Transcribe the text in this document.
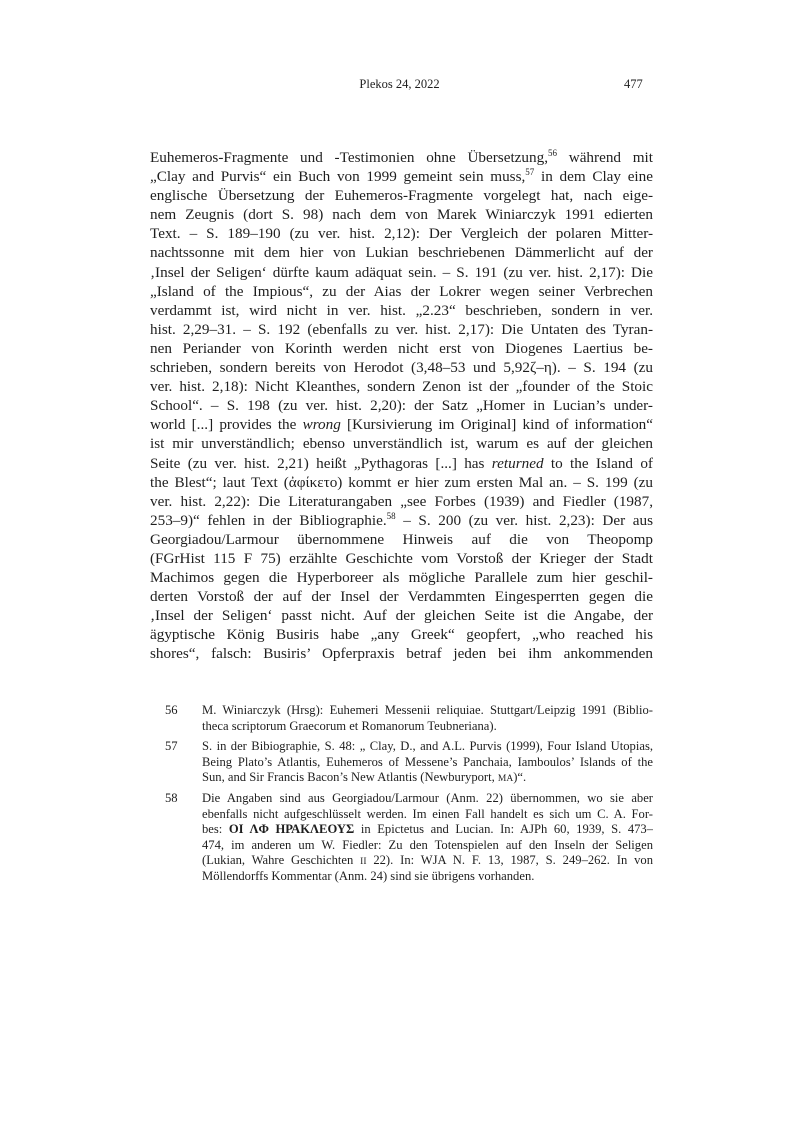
Plekos 24, 2022	477
Euhemeros-Fragmente und -Testimonien ohne Übersetzung,$^{56}$ während mit
„Clay and Purvis“ ein Buch von 1999 gemeint sein muss,$^{57}$ in dem Clay eine
englische Übersetzung der Euhemeros-Fragmente vorgelegt hat, nach eige-
nem Zeugnis (dort S. 98) nach dem von Marek Winiarczyk 1991 edierten
Text. – S. 189–190 (zu ver. hist. 2,12): Der Vergleich der polaren Mitter-
nachtssonne mit dem hier von Lukian beschriebenen Dämmerlicht auf der
‚Insel der Seligen‘ dürfte kaum adäquat sein. – S. 191 (zu ver. hist. 2,17): Die
„Island of the Impious“, zu der Aias der Lokrer wegen seiner Verbrechen
verdammt ist, wird nicht in ver. hist. „2.23“ beschrieben, sondern in ver.
hist. 2,29–31. – S. 192 (ebenfalls zu ver. hist. 2,17): Die Untaten des Tyran-
nen Periander von Korinth werden nicht erst von Diogenes Laertius be-
schrieben, sondern bereits von Herodot (3,48–53 und 5,92ζ–η). – S. 194 (zu
ver. hist. 2,18): Nicht Kleanthes, sondern Zenon ist der „founder of the Stoic
School“. – S. 198 (zu ver. hist. 2,20): der Satz „Homer in Lucian’s under-
world [...] provides the wrong [Kursivierung im Original] kind of information“
ist mir unverständlich; ebenso unverständlich ist, warum es auf der gleichen
Seite (zu ver. hist. 2,21) heißt „Pythagoras [...] has returned to the Island of
the Blest“; laut Text (ἀφίκετο) kommt er hier zum ersten Mal an. – S. 199 (zu
ver. hist. 2,22): Die Literaturangaben „see Forbes (1939) and Fiedler (1987,
253–9)“ fehlen in der Bibliographie.$^{58}$ – S. 200 (zu ver. hist. 2,23): Der aus
Georgiadou/Larmour übernommene Hinweis auf die von Theopomp
(FGrHist 115 F 75) erzählte Geschichte vom Vorstoß der Krieger der Stadt
Machimos gegen die Hyperboreer als mögliche Parallele zum hier geschil-
derten Vorstoß der auf der Insel der Verdammten Eingesperrten gegen die
‚Insel der Seligen‘ passt nicht. Auf der gleichen Seite ist die Angabe, der
ägyptische König Busiris habe „any Greek“ geopfert, „who reached his
shores“, falsch: Busiris’ Opferpraxis betraf jeden bei ihm ankommenden
56 M. Winiarczyk (Hrsg): Euhemeri Messenii reliquiae. Stuttgart/Leipzig 1991 (Biblio-
theca scriptorum Graecorum et Romanorum Teubneriana).
57 S. in der Bibiographie, S. 48: „ Clay, D., and A.L. Purvis (1999), Four Island Utopias,
Being Plato’s Atlantis, Euhemeros of Messene’s Panchaia, Iamboulos’ Islands of the
Sun, and Sir Francis Bacon’s New Atlantis (Newburyport, MA)“.
58 Die Angaben sind aus Georgiadou/Larmour (Anm. 22) übernommen, wo sie aber
ebenfalls nicht aufgeschlüsselt werden. Im einen Fall handelt es sich um C. A. For-
bes: ΟΙ ΛΦ ΗΡΑΚΛΕΟΥΣ in Epictetus and Lucian. In: AJPh 60, 1939, S. 473–
474, im anderen um W. Fiedler: Zu den Totenspielen auf den Inseln der Seligen
(Lukian, Wahre Geschichten II 22). In: WJA N. F. 13, 1987, S. 249–262. In von
Möllendorffs Kommentar (Anm. 24) sind sie übrigens vorhanden.
